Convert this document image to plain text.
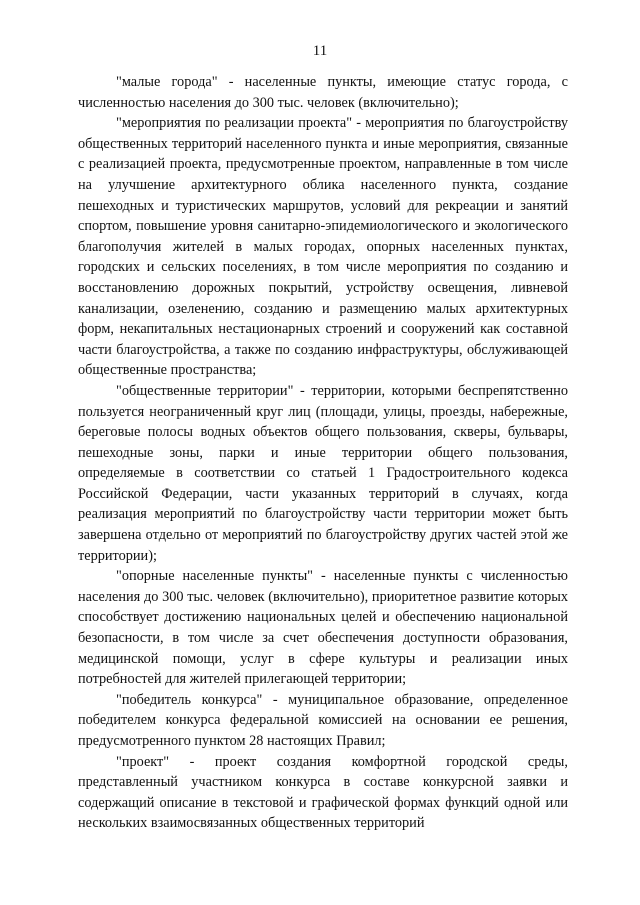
11

"малые города" - населенные пункты, имеющие статус города, с численностью населения до 300 тыс. человек (включительно);

"мероприятия по реализации проекта" - мероприятия по благоустройству общественных территорий населенного пункта и иные мероприятия, связанные с реализацией проекта, предусмотренные проектом, направленные в том числе на улучшение архитектурного облика населенного пункта, создание пешеходных и туристических маршрутов, условий для рекреации и занятий спортом, повышение уровня санитарно-эпидемиологического и экологического благополучия жителей в малых городах, опорных населенных пунктах, городских и сельских поселениях, в том числе мероприятия по созданию и восстановлению дорожных покрытий, устройству освещения, ливневой канализации, озеленению, созданию и размещению малых архитектурных форм, некапитальных нестационарных строений и сооружений как составной части благоустройства, а также по созданию инфраструктуры, обслуживающей общественные пространства;

"общественные территории" - территории, которыми беспрепятственно пользуется неограниченный круг лиц (площади, улицы, проезды, набережные, береговые полосы водных объектов общего пользования, скверы, бульвары, пешеходные зоны, парки и иные территории общего пользования, определяемые в соответствии со статьей 1 Градостроительного кодекса Российской Федерации, части указанных территорий в случаях, когда реализация мероприятий по благоустройству части территории может быть завершена отдельно от мероприятий по благоустройству других частей этой же территории);

"опорные населенные пункты" - населенные пункты с численностью населения до 300 тыс. человек (включительно), приоритетное развитие которых способствует достижению национальных целей и обеспечению национальной безопасности, в том числе за счет обеспечения доступности образования, медицинской помощи, услуг в сфере культуры и реализации иных потребностей для жителей прилегающей территории;

"победитель конкурса" - муниципальное образование, определенное победителем конкурса федеральной комиссией на основании ее решения, предусмотренного пунктом 28 настоящих Правил;

"проект" - проект создания комфортной городской среды, представленный участником конкурса в составе конкурсной заявки и содержащий описание в текстовой и графической формах функций одной или нескольких взаимосвязанных общественных территорий
